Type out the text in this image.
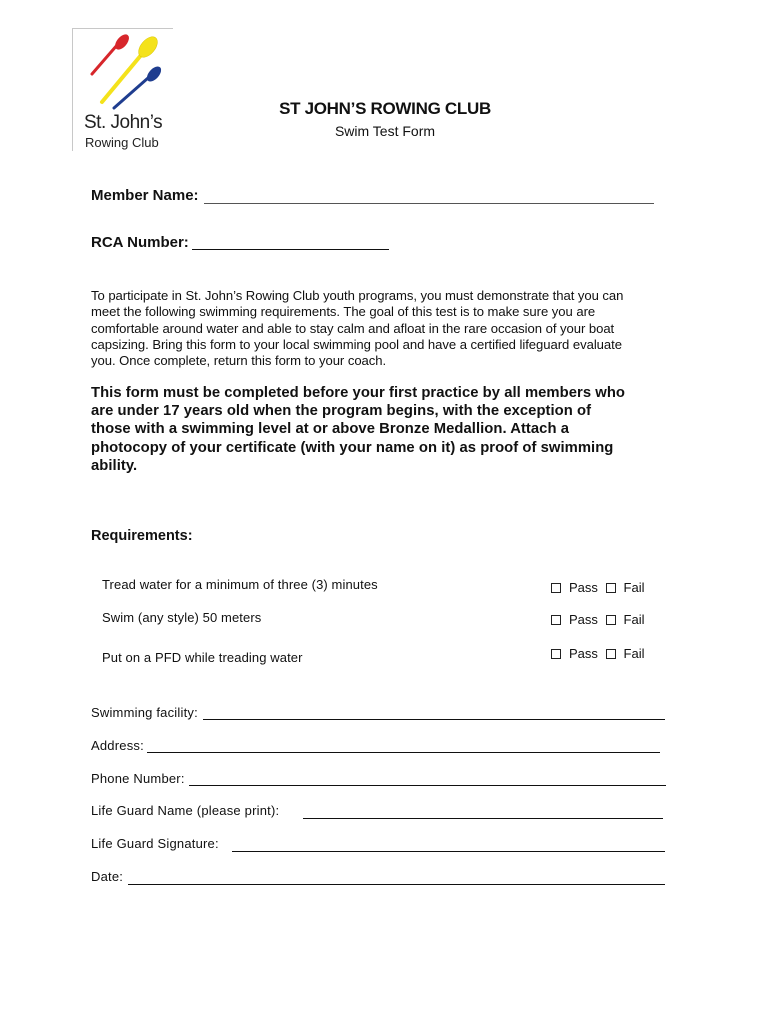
St. John’s
Rowing Club
ST JOHN’S ROWING CLUB
Swim Test Form
Member Name:
RCA Number:
To participate in St. John’s Rowing Club youth programs, you must demonstrate that you can
meet the following swimming requirements. The goal of this test is to make sure you are
comfortable around water and able to stay calm and afloat in the rare occasion of your boat
capsizing. Bring this form to your local swimming pool and have a certified lifeguard evaluate
you. Once complete, return this form to your coach.
This form must be completed before your first practice by all members who
are under 17 years old when the program begins, with the exception of
those with a swimming level at or above Bronze Medallion. Attach a
photocopy of your certificate (with your name on it) as proof of swimming
ability.
Requirements:
Tread water for a minimum of three (3) minutes	Pass Fail
Swim (any style) 50 meters	Pass Fail
Put on a PFD while treading water	Pass Fail
Swimming facility:
Address:
Phone Number:
Life Guard Name (please print):
Life Guard Signature:
Date:
